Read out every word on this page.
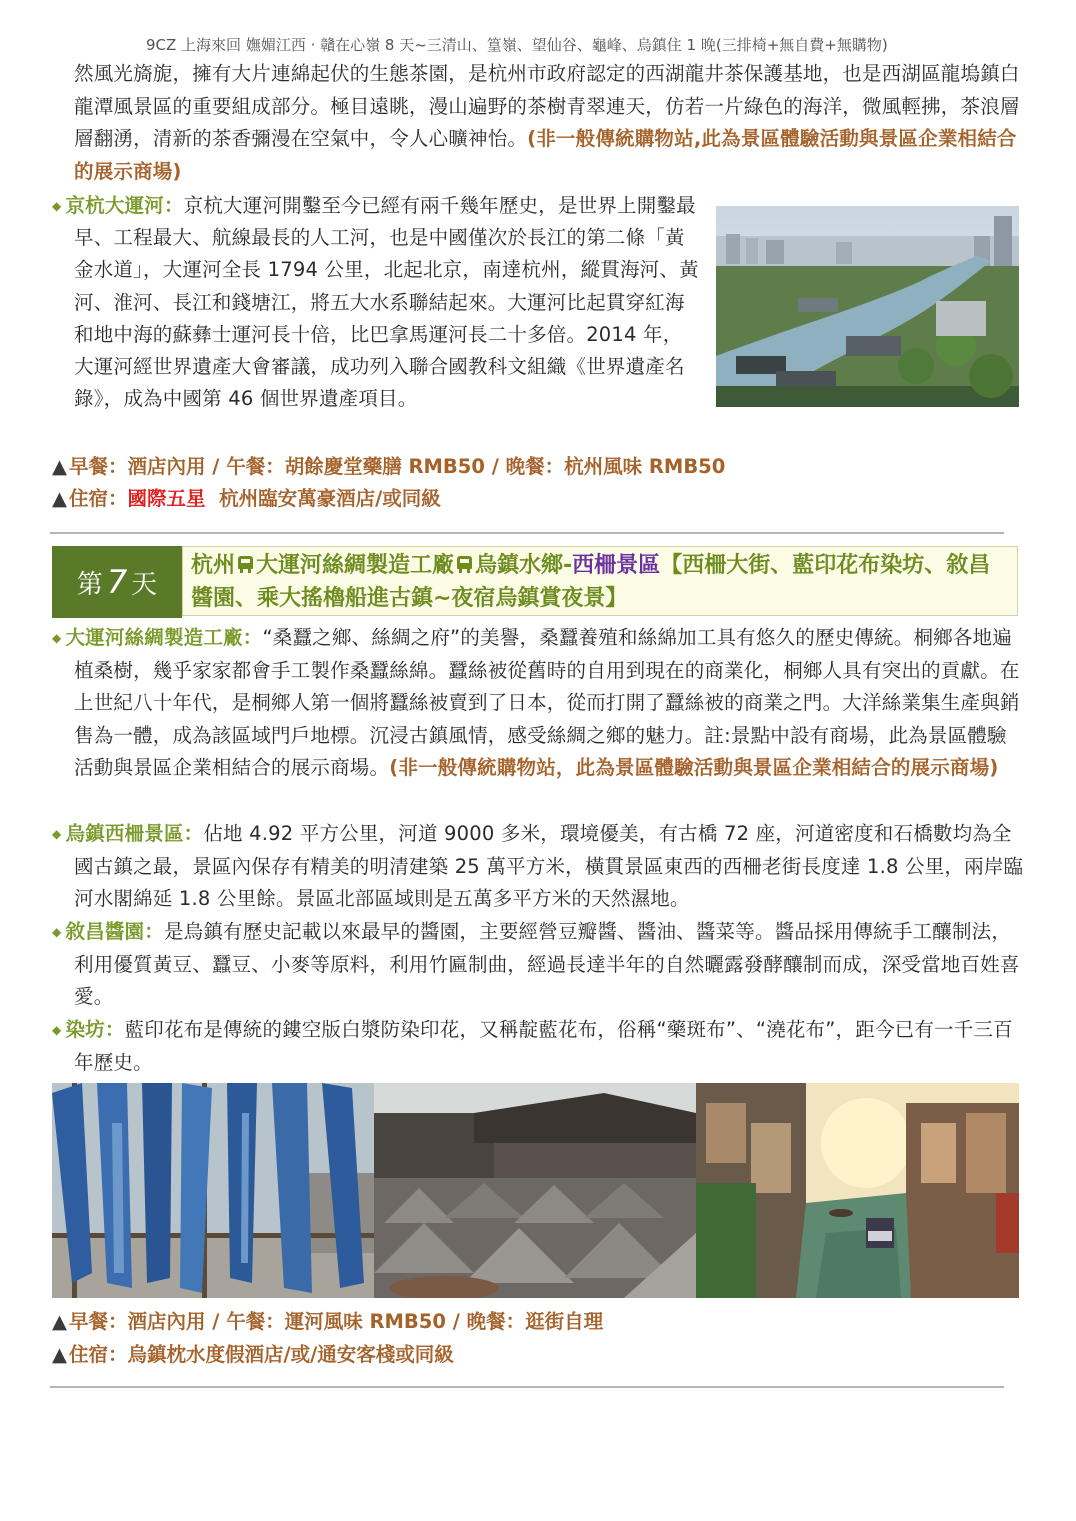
9CZ 上海來回 嫵媚江西 · 贛在心嶺 8 天~三清山、篁嶺、望仙谷、龜峰、烏鎮住 1 晚(三排椅+無自費+無購物)
然風光旖旎，擁有大片連綿起伏的生態茶園，是杭州市政府認定的西湖龍井茶保護基地，也是西湖區龍塢鎮白龍潭風景區的重要組成部分。極目遠眺，漫山遍野的茶樹青翠連天，仿若一片綠色的海洋，微風輕拂，茶浪層層翻湧，清新的茶香彌漫在空氣中，令人心曠神怡。(非一般傳統購物站,此為景區體驗活動與景區企業相結合的展示商場)
◆ 京杭大運河：京杭大運河開鑿至今已經有兩千幾年歷史，是世界上開鑿最早、工程最大、航線最長的人工河，也是中國僅次於長江的第二條「黃金水道」，大運河全長 1794 公里，北起北京，南達杭州，縱貫海河、黃河、淮河、長江和錢塘江，將五大水系聯結起來。大運河比起貫穿紅海和地中海的蘇彝士運河長十倍，比巴拿馬運河長二十多倍。2014 年，大運河經世界遺產大會審議，成功列入聯合國教科文組織《世界遺產名錄》，成為中國第 46 個世界遺產項目。
▲ 早餐：酒店內用 / 午餐：胡餘慶堂藥膳 RMB50 / 晚餐：杭州風味 RMB50
▲ 住宿：國際五星  杭州臨安萬豪酒店/或同級
第 7 天
杭州 大運河絲綢製造工廠 烏鎮水鄉-西柵景區【西柵大街、藍印花布染坊、敘昌醬園、乘大搖櫓船進古鎮~夜宿烏鎮賞夜景】
◆ 大運河絲綢製造工廠：“桑蠶之鄉、絲綢之府”的美譽，桑蠶養殖和絲綿加工具有悠久的歷史傳統。桐鄉各地遍植桑樹，幾乎家家都會手工製作桑蠶絲綿。蠶絲被從舊時的自用到現在的商業化，桐鄉人具有突出的貢獻。在上世紀八十年代，是桐鄉人第一個將蠶絲被賣到了日本，從而打開了蠶絲被的商業之門。大洋絲業集生產與銷售為一體，成為該區域門戶地標。沉浸古鎮風情，感受絲綢之鄉的魅力。註:景點中設有商場，此為景區體驗活動與景區企業相結合的展示商場。(非一般傳統購物站，此為景區體驗活動與景區企業相結合的展示商場)
◆ 烏鎮西柵景區：佔地 4.92 平方公里，河道 9000 多米，環境優美，有古橋 72 座，河道密度和石橋數均為全國古鎮之最，景區內保存有精美的明清建築 25 萬平方米，橫貫景區東西的西柵老街長度達 1.8 公里，兩岸臨河水閣綿延 1.8 公里餘。景區北部區域則是五萬多平方米的天然濕地。
◆ 敘昌醬園：是烏鎮有歷史記載以來最早的醬園，主要經營豆瓣醬、醬油、醬菜等。醬品採用傳統手工釀制法，利用優質黃豆、蠶豆、小麥等原料，利用竹匾制曲，經過長達半年的自然曬露發酵釀制而成，深受當地百姓喜愛。
◆ 染坊：藍印花布是傳統的鏤空版白漿防染印花，又稱靛藍花布，俗稱“藥斑布”、“澆花布”，距今已有一千三百年歷史。
▲ 早餐：酒店內用 / 午餐：運河風味 RMB50 / 晚餐：逛街自理
▲ 住宿：烏鎮枕水度假酒店/或/通安客棧或同級
